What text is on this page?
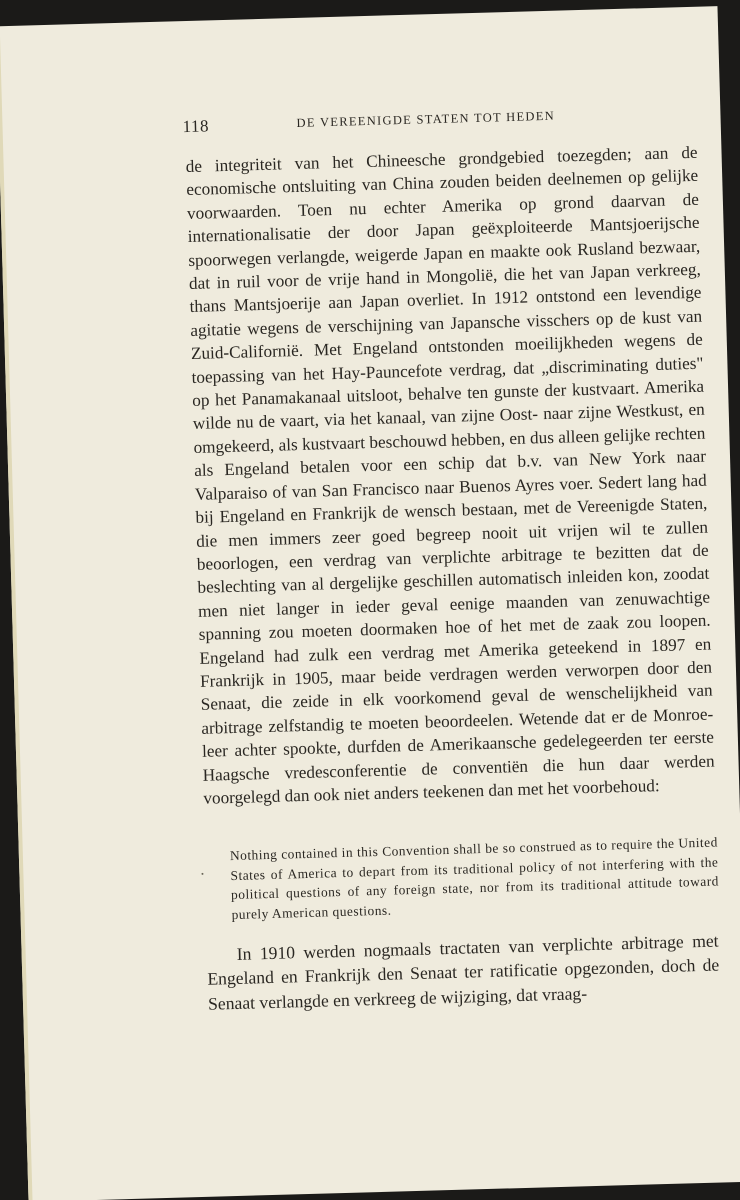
118	DE VEREENIGDE STATEN TOT HEDEN

de integriteit van het Chineesche grondgebied toezegden; aan de economische ontsluiting van China zouden beiden deelnemen op gelijke voorwaarden. Toen nu echter Amerika op grond daarvan de internationalisatie der door Japan geëxploiteerde Mantsjoerijsche spoorwegen verlangde, weigerde Japan en maakte ook Rusland bezwaar, dat in ruil voor de vrije hand in Mongolië, die het van Japan verkreeg, thans Mantsjoerije aan Japan overliet. In 1912 ontstond een levendige agitatie wegens de verschijning van Japansche visschers op de kust van Zuid-Californië. Met Engeland ontstonden moeilijkheden wegens de toepassing van het Hay-Pauncefote verdrag, dat „discriminating duties" op het Panamakanaal uitsloot, behalve ten gunste der kustvaart. Amerika wilde nu de vaart, via het kanaal, van zijne Oost- naar zijne Westkust, en omgekeerd, als kustvaart beschouwd hebben, en dus alleen gelijke rechten als Engeland betalen voor een schip dat b.v. van New York naar Valparaiso of van San Francisco naar Buenos Ayres voer. Sedert lang had bij Engeland en Frankrijk de wensch bestaan, met de Vereenigde Staten, die men immers zeer goed begreep nooit uit vrijen wil te zullen beoorlogen, een verdrag van verplichte arbitrage te bezitten dat de beslechting van al dergelijke geschillen automatisch inleiden kon, zoodat men niet langer in ieder geval eenige maanden van zenuwachtige spanning zou moeten doormaken hoe of het met de zaak zou loopen. Engeland had zulk een verdrag met Amerika geteekend in 1897 en Frankrijk in 1905, maar beide verdragen werden verworpen door den Senaat, die zeide in elk voorkomend geval de wenschelijkheid van arbitrage zelfstandig te moeten beoordeelen. Wetende dat er de Monroe-leer achter spookte, durfden de Amerikaansche gedelegeerden ter eerste Haagsche vredesconferentie de conventiën die hun daar werden voorgelegd dan ook niet anders teekenen dan met het voorbehoud:

Nothing contained in this Convention shall be so construed as to require the United States of America to depart from its traditional policy of not interfering with the political questions of any foreign state, nor from its traditional attitude toward purely American questions.

In 1910 werden nogmaals tractaten van verplichte arbitrage met Engeland en Frankrijk den Senaat ter ratificatie opgezonden, doch de Senaat verlangde en verkreeg de wijziging, dat vraag-
